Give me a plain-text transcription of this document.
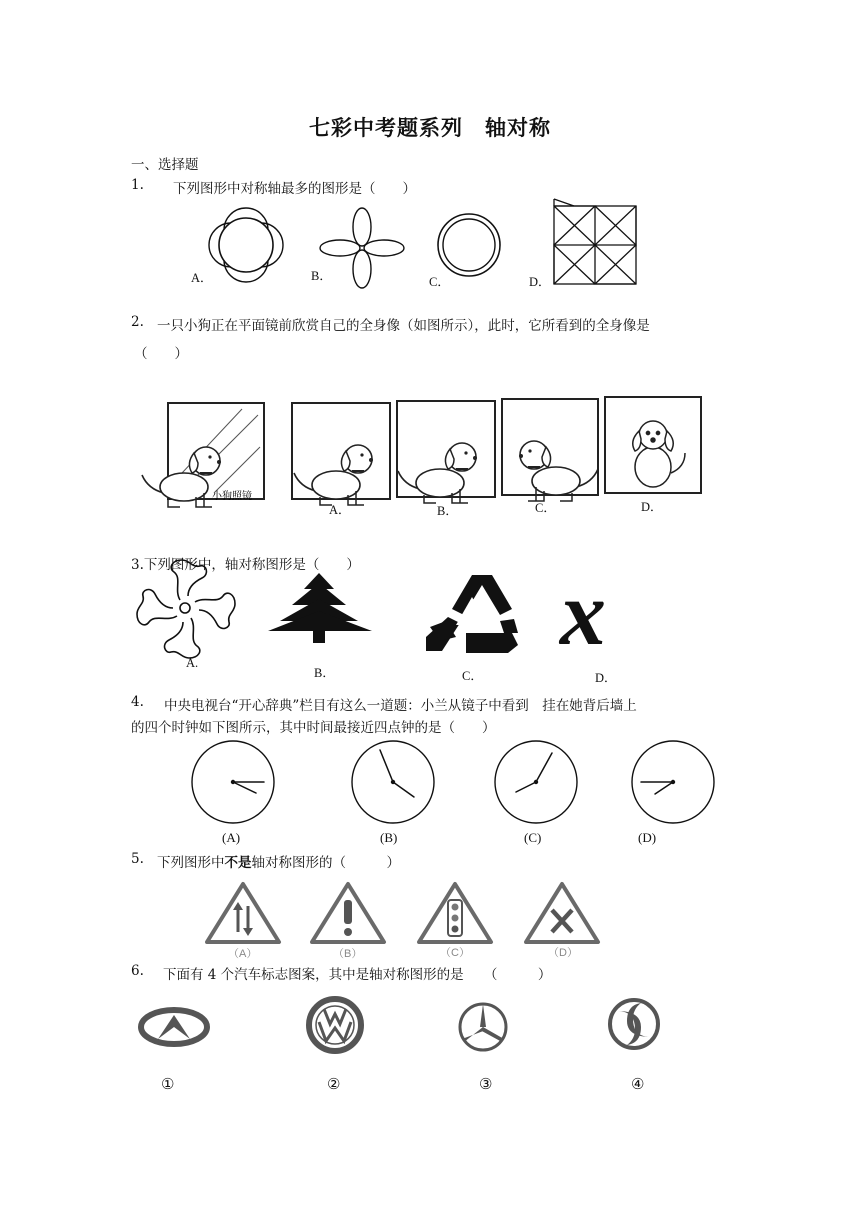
七彩中考题系列　轴对称
一、选择题
1. 下列图形中对称轴最多的图形是（　　）
A．	B．	C．	D．
2. 一只小狗正在平面镜前欣赏自己的全身像（如图所示），此时，它所看到的全身像是
（　　）
小狗照镜
A．	B．	C．	D．
3.下列图形中，轴对称图形是（　　）
A.
B．	C．
x
D．
4. 中央电视台“开心辞典”栏目有这么一道题：小兰从镜子中看到　挂在她背后墙上
的四个时钟如下图所示，其中时间最接近四点钟的是（　　）
(A)	(B)	(C)	(D)
5. 下列图形中不是轴对称图形的（　　　）
（A）	（B）	（C）	（D）
6. 下面有 4 个汽车标志图案，其中是轴对称图形的是　　（　　　）
①	②	③	④
